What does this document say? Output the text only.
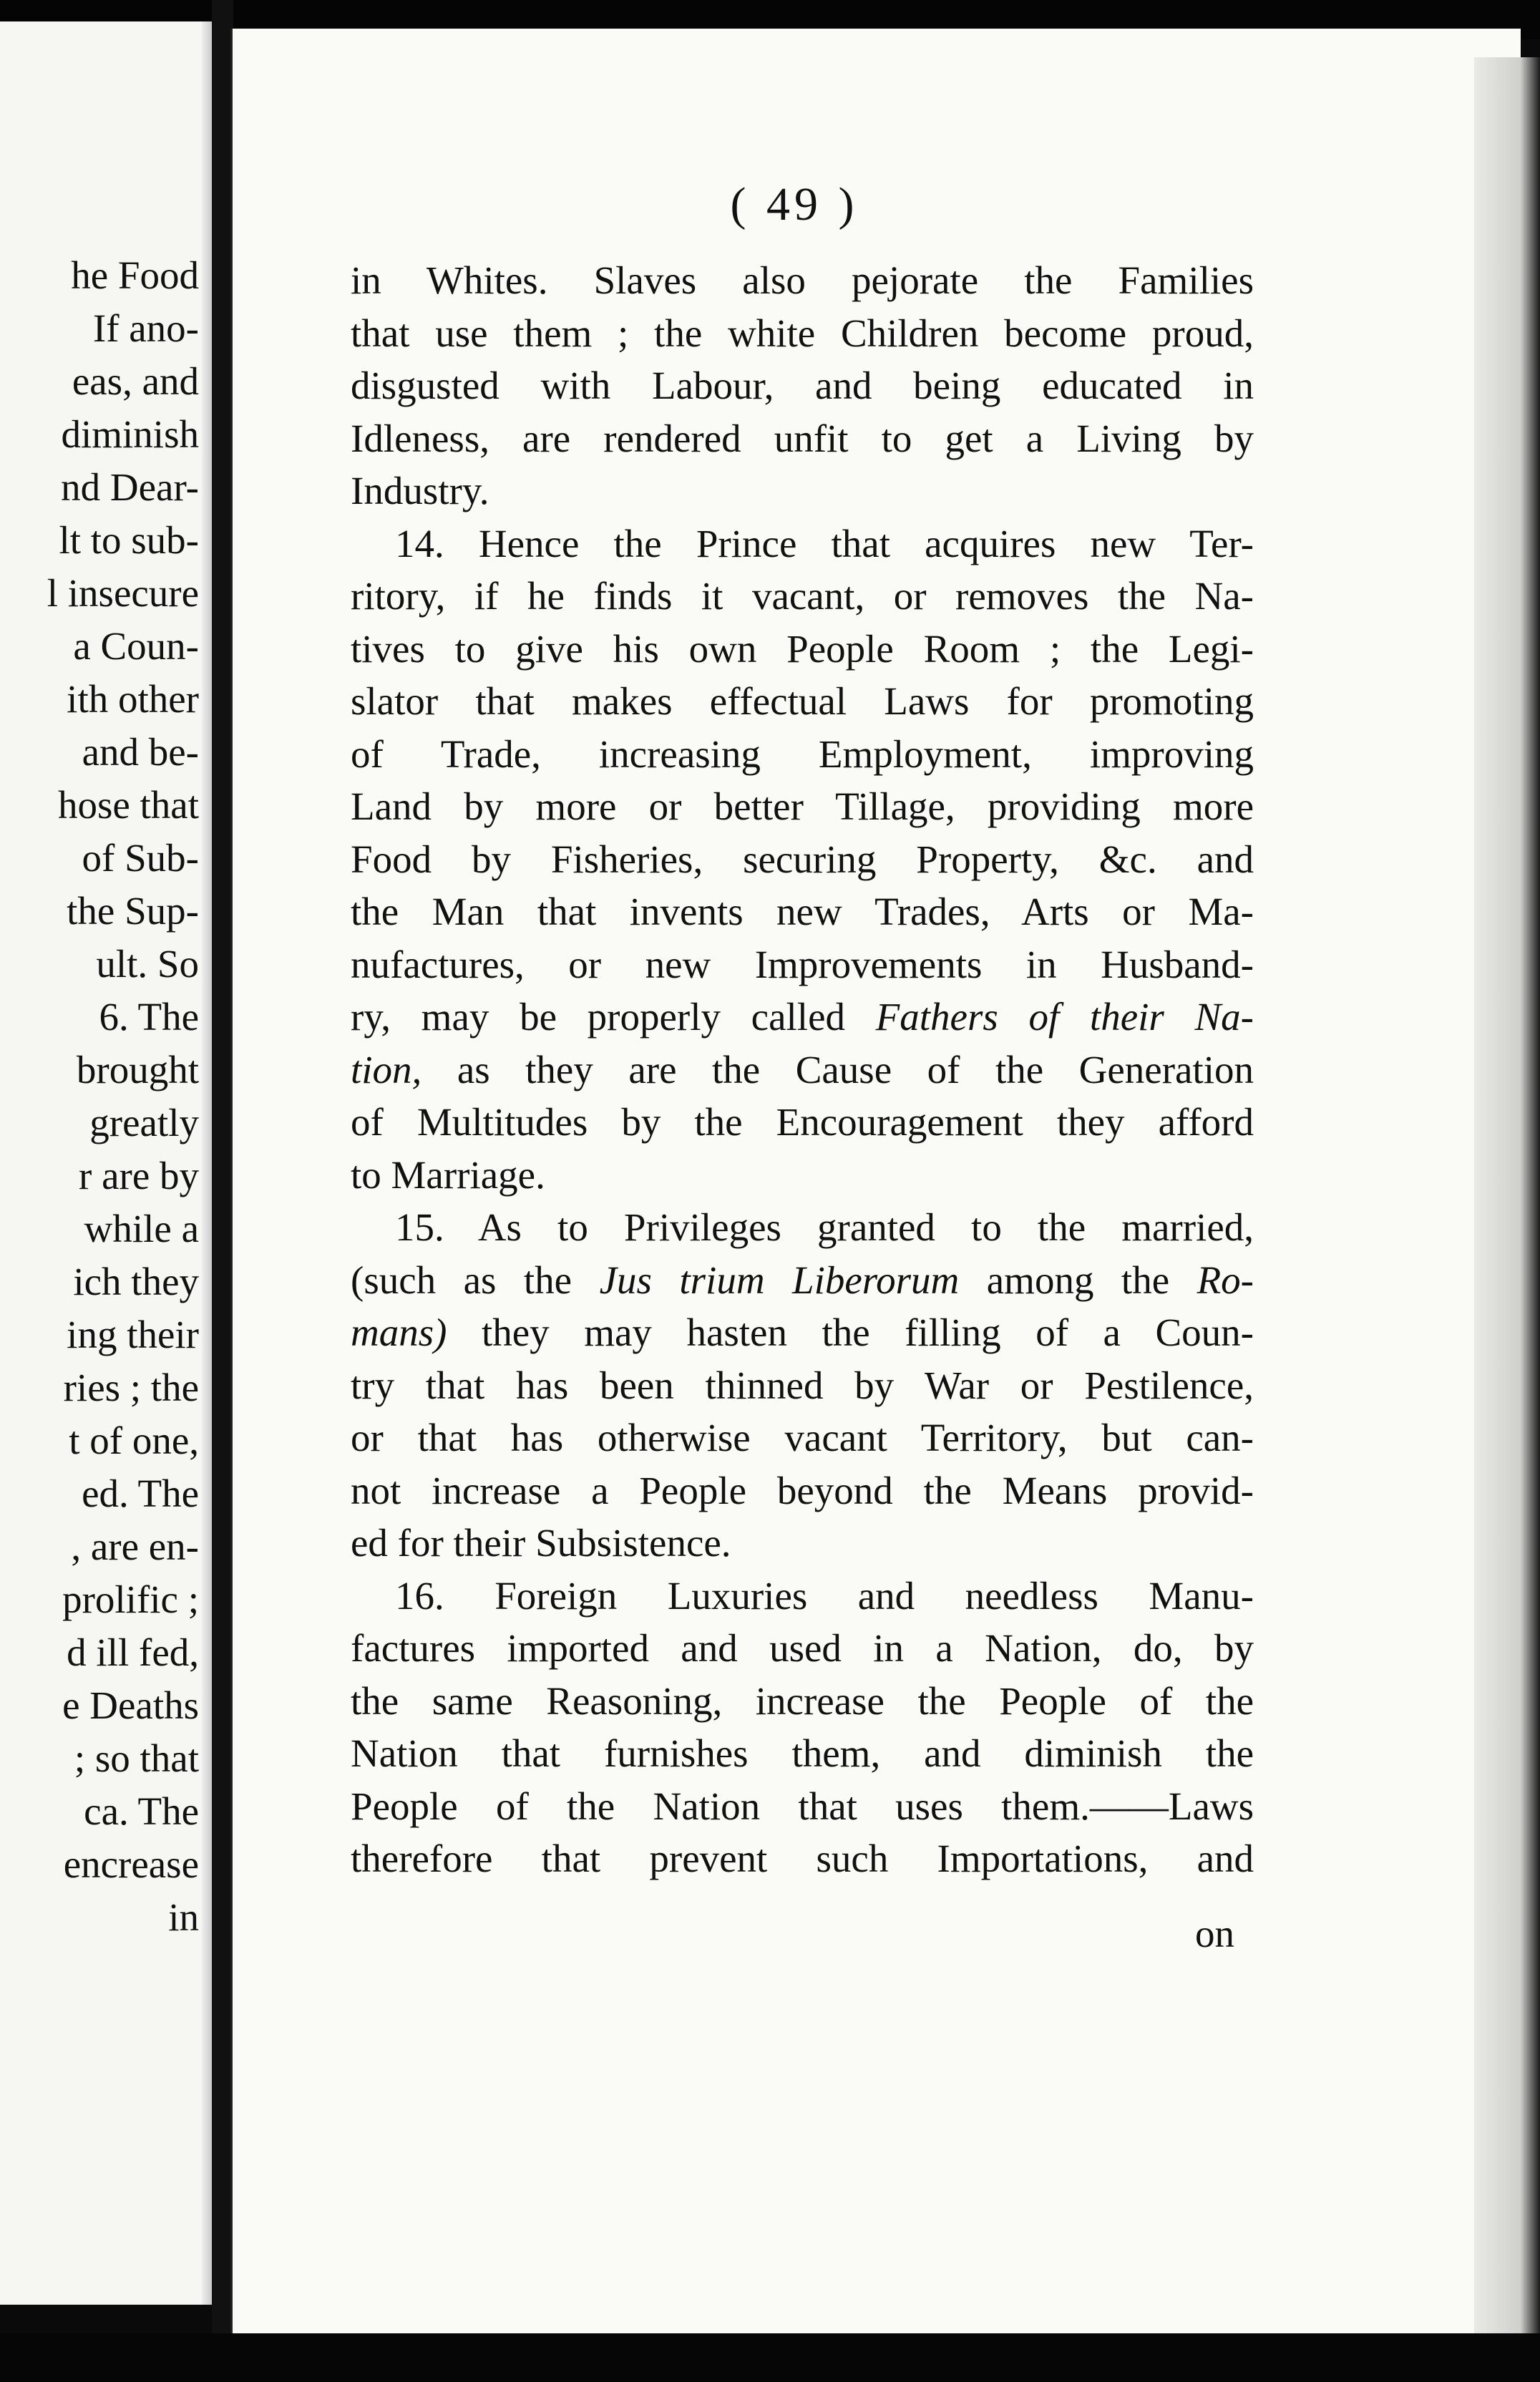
he Food
If ano-
eas, and
diminish
nd Dear-
lt to sub-
l insecure
a Coun-
ith other
and be-
hose that
of Sub-
the Sup-
ult. So
6. The
brought
greatly
r are by
while a
ich they
ing their
ries ; the
t of one,
ed. The
, are en-
prolific ;
d ill fed,
e Deaths
; so that
ca. The
encrease
in
( 49 )
in Whites. Slaves also pejorate the Families
that use them ; the white Children become proud,
disgusted with Labour, and being educated in
Idleness, are rendered unfit to get a Living by
Industry.
14. Hence the Prince that acquires new Ter-
ritory, if he finds it vacant, or removes the Na-
tives to give his own People Room ; the Legi-
slator that makes effectual Laws for promoting
of Trade, increasing Employment, improving
Land by more or better Tillage, providing more
Food by Fisheries, securing Property, &c. and
the Man that invents new Trades, Arts or Ma-
nufactures, or new Improvements in Husband-
ry, may be properly called Fathers of their Na-
tion, as they are the Cause of the Generation
of Multitudes by the Encouragement they afford
to Marriage.
15. As to Privileges granted to the married,
(such as the Jus trium Liberorum among the Ro-
mans) they may hasten the filling of a Coun-
try that has been thinned by War or Pestilence,
or that has otherwise vacant Territory, but can-
not increase a People beyond the Means provid-
ed for their Subsistence.
16. Foreign Luxuries and needless Manu-
factures imported and used in a Nation, do, by
the same Reasoning, increase the People of the
Nation that furnishes them, and diminish the
People of the Nation that uses them.——Laws
therefore that prevent such Importations, and
on
